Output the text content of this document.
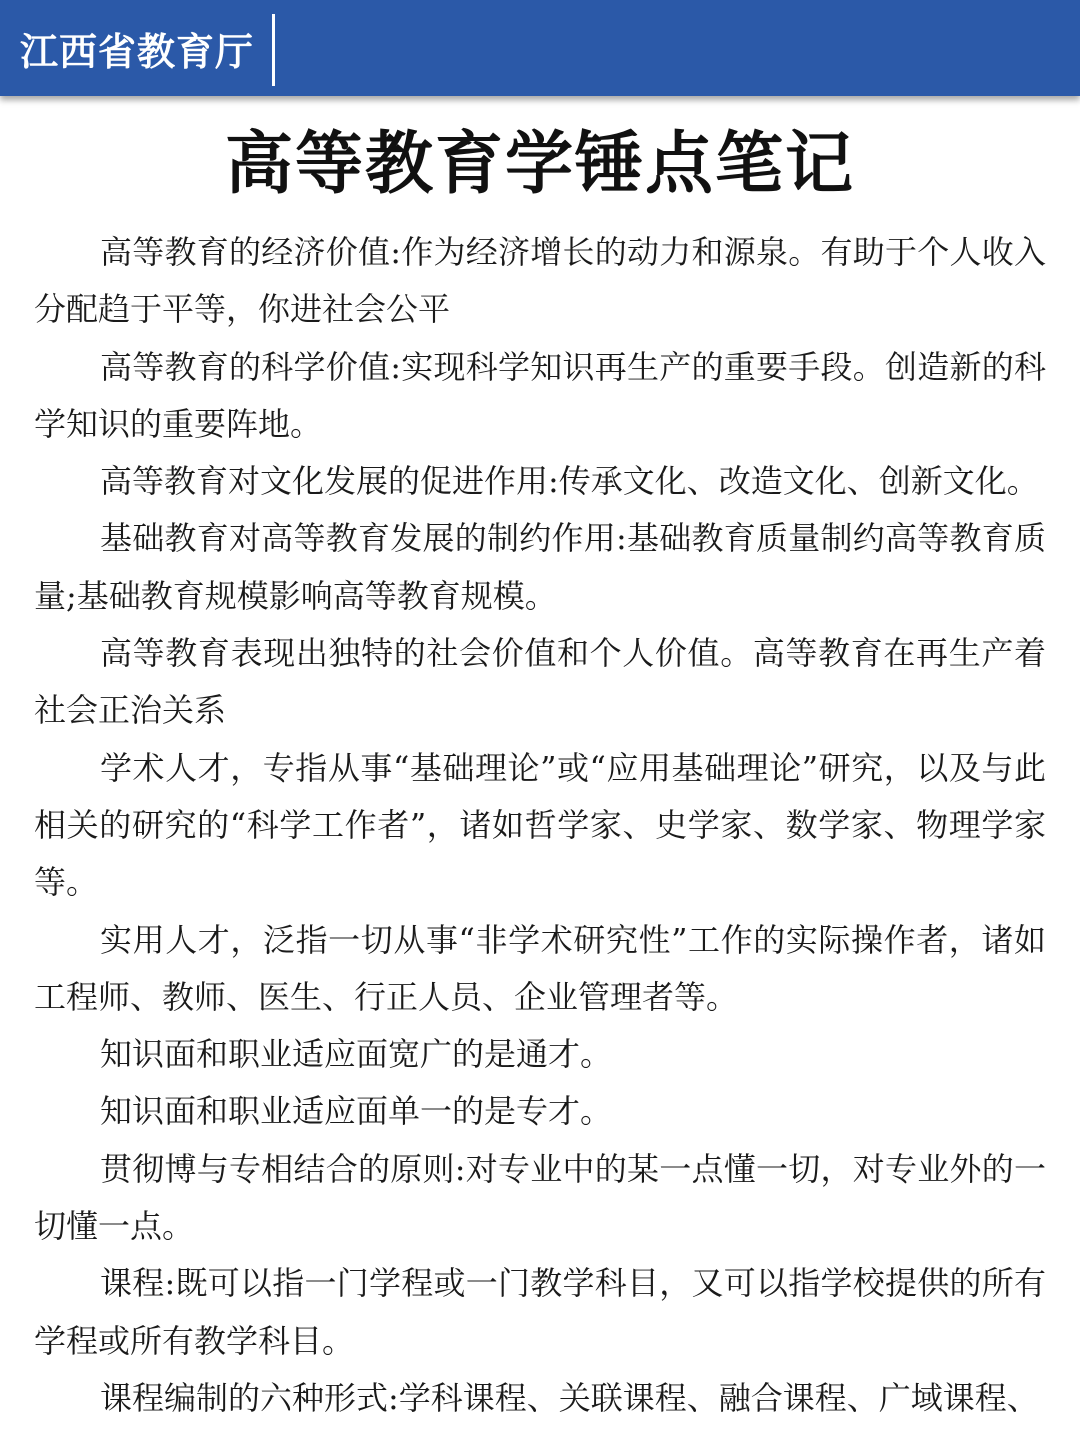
江西省教育厅
高等教育学锤点笔记

高等教育的经济价值:作为经济增长的动力和源泉。有助于个人收入分配趋于平等，你进社会公平

高等教育的科学价值:实现科学知识再生产的重要手段。创造新的科学知识的重要阵地。

高等教育对文化发展的促进作用:传承文化、改造文化、创新文化。

基础教育对高等教育发展的制约作用:基础教育质量制约高等教育质量;基础教育规模影响高等教育规模。

高等教育表现出独特的社会价值和个人价值。高等教育在再生产着社会正治关系

学术人才，专指从事“基础理论”或“应用基础理论”研究，以及与此相关的研究的“科学工作者”，诸如哲学家、史学家、数学家、物理学家等。

实用人才，泛指一切从事“非学术研究性”工作的实际操作者，诸如工程师、教师、医生、行正人员、企业管理者等。

知识面和职业适应面宽广的是通才。

知识面和职业适应面单一的是专才。

贯彻博与专相结合的原则:对专业中的某一点懂一切，对专业外的一切懂一点。

课程:既可以指一门学程或一门教学科目，又可以指学校提供的所有学程或所有教学科目。

课程编制的六种形式:学科课程、关联课程、融合课程、广域课程、
